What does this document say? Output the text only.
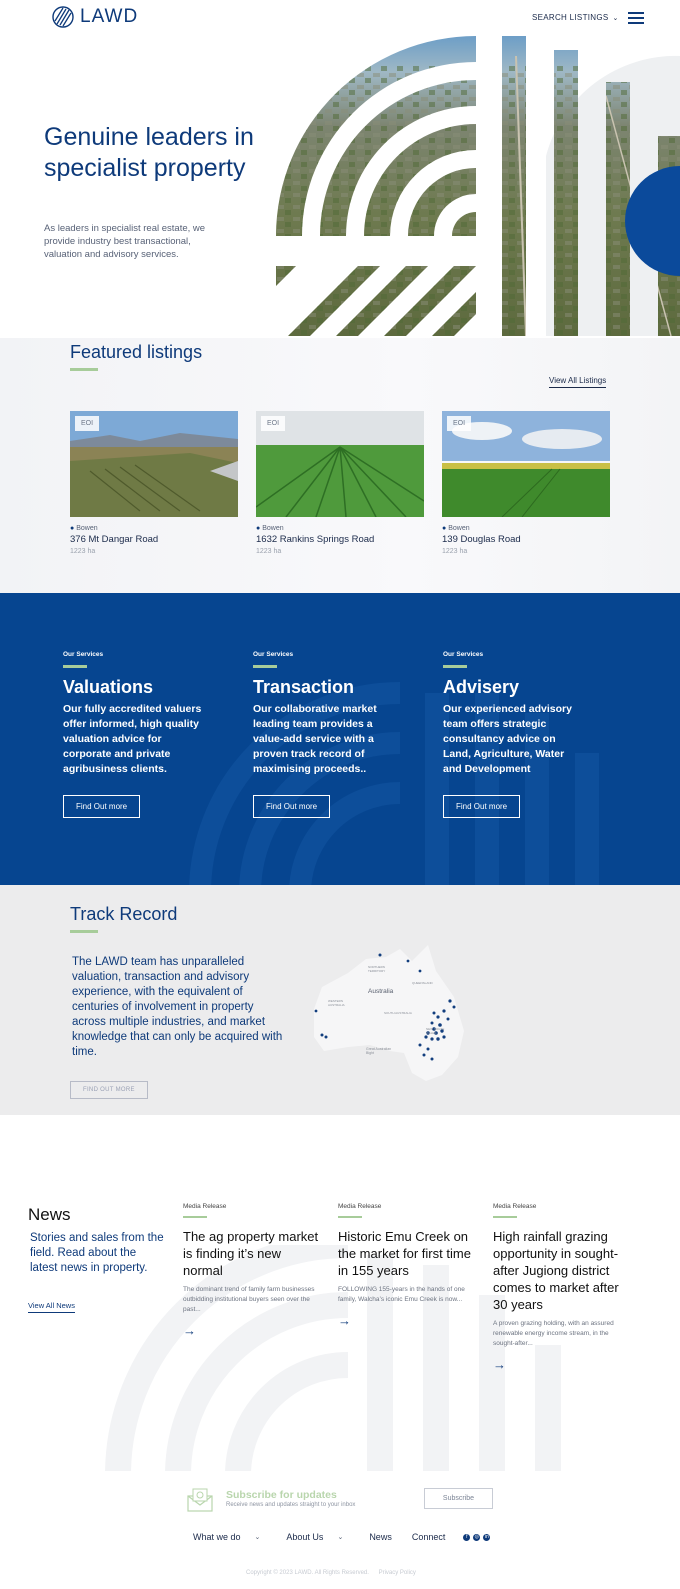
LAWD	SEARCH LISTINGS ⌄
Genuine leaders in specialist property
As leaders in specialist real estate, we provide industry best transactional, valuation and advisory services.
Featured listings
View All Listings
EOI
● Bowen
376 Mt Dangar Road
1223 ha
EOI
● Bowen
1632 Rankins Springs Road
1223 ha
EOI
● Bowen
139 Douglas Road
1223 ha
Our Services
Valuations
Our fully accredited valuers offer informed, high quality valuation advice for corporate and private agribusiness clients.
Find Out more
Our Services
Transaction
Our collaborative market leading team provides a value-add service with a proven track record of maximising proceeds..
Find Out more
Our Services
Advisery
Our experienced advisory team offers strategic consultancy advice on Land, Agriculture, Water and Development
Find Out more
Track Record
The LAWD team has unparalleled valuation, transaction and advisory experience, with the equivalent of centuries of involvement in property across multiple industries, and market knowledge that can only be acquired with time.
FIND OUT MORE
Australia
NORTHERN TERRITORY
QUEENSLAND
WESTERN AUSTRALIA
SOUTH AUSTRALIA
Great Australian Bight
NEW SOUTH WALES
News
Stories and sales from the field. Read about the latest news in property.
View All News
Media Release
The ag property market is finding it’s new normal
The dominant trend of family farm businesses outbidding institutional buyers seen over the past...
→
Media Release
Historic Emu Creek on the market for first time in 155 years
FOLLOWING 155-years in the hands of one family, Walcha’s iconic Emu Creek is now...
→
Media Release
High rainfall grazing opportunity in sought-after Jugiong district comes to market after 30 years
A proven grazing holding, with an assured renewable energy income stream, in the sought-after...
→
Subscribe for updates
Receive news and updates straight to your inbox
Subscribe
What we do ⌄	About Us ⌄	News Connect	f	◎	in
Copyright © 2023 LAWD. All Rights Reserved. Privacy Policy
